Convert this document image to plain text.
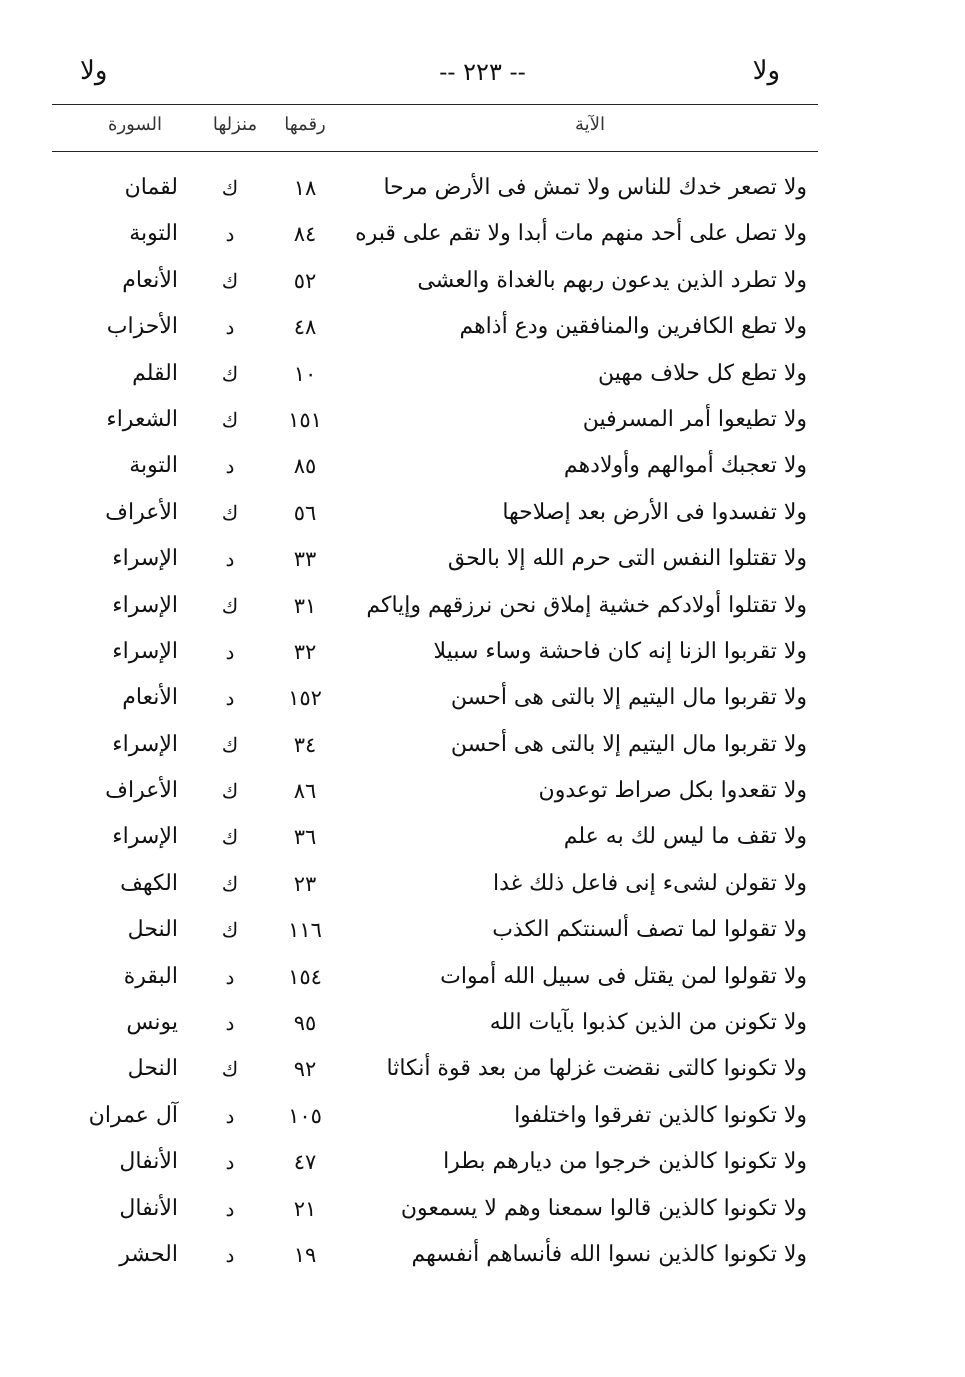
ولا	-- ٢٢٣ --	ولا
الآية
رقمها
منزلها
السورة
ولا تصعر خدك للناس ولا تمش فى الأرض مرحا
١٨
ك
لقمان
ولا تصل على أحد منهم مات أبدا ولا تقم على قبره
٨٤
د
التوبة
ولا تطرد الذين يدعون ربهم بالغداة والعشى
٥٢
ك
الأنعام
ولا تطع الكافرين والمنافقين ودع أذاهم
٤٨
د
الأحزاب
ولا تطع كل حلاف مهين
١٠
ك
القلم
ولا تطيعوا أمر المسرفين
١٥١
ك
الشعراء
ولا تعجبك أموالهم وأولادهم
٨٥
د
التوبة
ولا تفسدوا فى الأرض بعد إصلاحها
٥٦
ك
الأعراف
ولا تقتلوا النفس التى حرم الله إلا بالحق
٣٣
د
الإسراء
ولا تقتلوا أولادكم خشية إملاق نحن نرزقهم وإياكم
٣١
ك
الإسراء
ولا تقربوا الزنا إنه كان فاحشة وساء سبيلا
٣٢
د
الإسراء
ولا تقربوا مال اليتيم إلا بالتى هى أحسن
١٥٢
د
الأنعام
ولا تقربوا مال اليتيم إلا بالتى هى أحسن
٣٤
ك
الإسراء
ولا تقعدوا بكل صراط توعدون
٨٦
ك
الأعراف
ولا تقف ما ليس لك به علم
٣٦
ك
الإسراء
ولا تقولن لشىء إنى فاعل ذلك غدا
٢٣
ك
الكهف
ولا تقولوا لما تصف ألسنتكم الكذب
١١٦
ك
النحل
ولا تقولوا لمن يقتل فى سبيل الله أموات
١٥٤
د
البقرة
ولا تكونن من الذين كذبوا بآيات الله
٩٥
د
يونس
ولا تكونوا كالتى نقضت غزلها من بعد قوة أنكاثا
٩٢
ك
النحل
ولا تكونوا كالذين تفرقوا واختلفوا
١٠٥
د
آل عمران
ولا تكونوا كالذين خرجوا من ديارهم بطرا
٤٧
د
الأنفال
ولا تكونوا كالذين قالوا سمعنا وهم لا يسمعون
٢١
د
الأنفال
ولا تكونوا كالذين نسوا الله فأنساهم أنفسهم
١٩
د
الحشر
